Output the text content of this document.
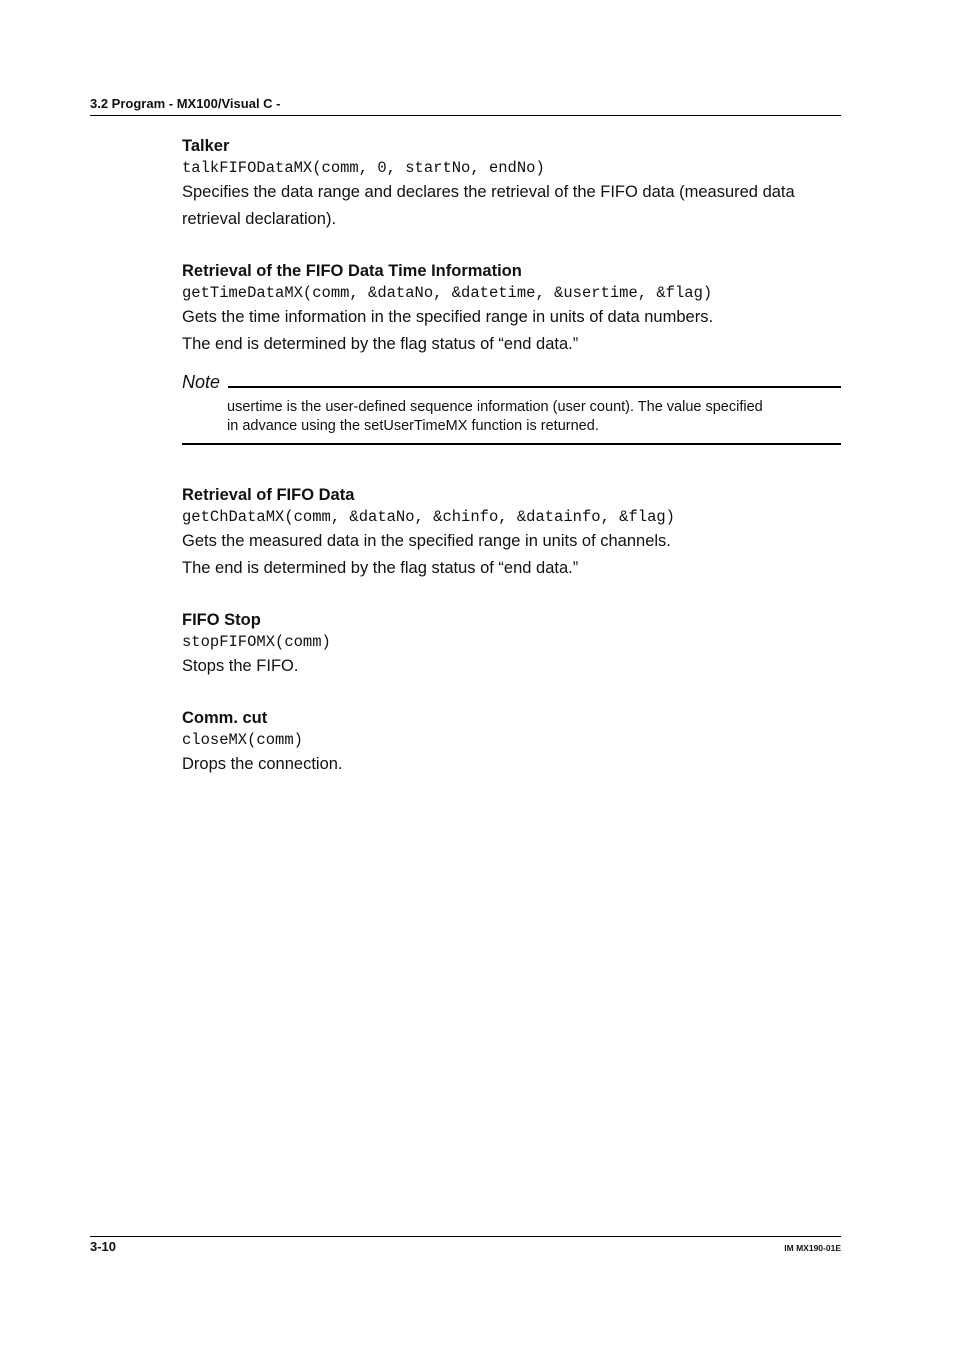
3.2 Program - MX100/Visual C -

Talker

talkFIFODataMX(comm, 0, startNo, endNo)

Specifies the data range and declares the retrieval of the FIFO data (measured data

retrieval declaration).

Retrieval of the FIFO Data Time Information

getTimeDataMX(comm, &dataNo, &datetime, &usertime, &flag)

Gets the time information in the specified range in units of data numbers.

The end is determined by the flag status of “end data.”

Note
usertime is the user-defined sequence information (user count). The value specified
in advance using the setUserTimeMX function is returned.

Retrieval of FIFO Data

getChDataMX(comm, &dataNo, &chinfo, &datainfo, &flag)

Gets the measured data in the specified range in units of channels.

The end is determined by the flag status of “end data.”

FIFO Stop

stopFIFOMX(comm)

Stops the FIFO.

Comm. cut

closeMX(comm)

Drops the connection.

3-10	IM MX190-01E
